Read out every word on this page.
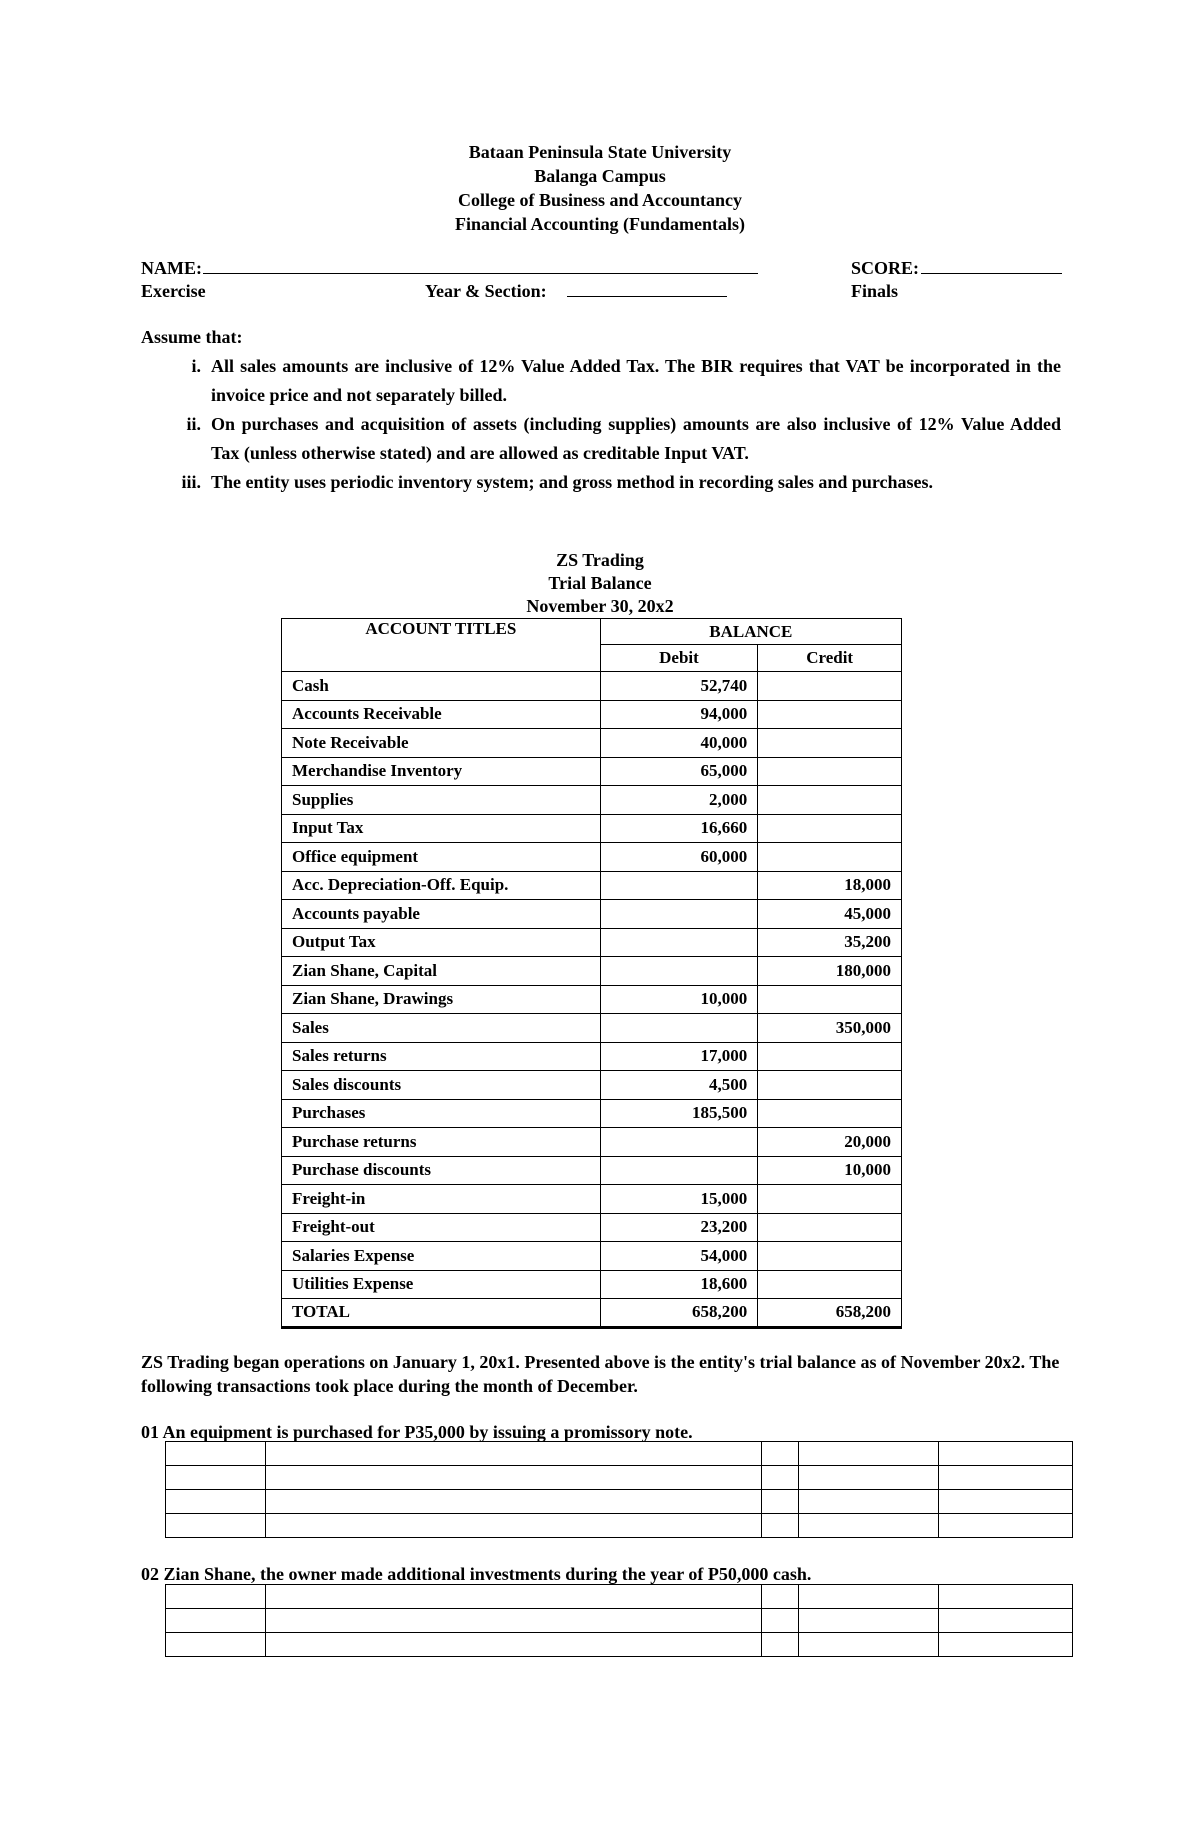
Bataan Peninsula State University
Balanga Campus
College of Business and Accountancy
Financial Accounting (Fundamentals)
NAME:	SCORE:
Exercise	Year & Section:	Finals
Assume that:
i. All sales amounts are inclusive of 12% Value Added Tax. The BIR requires that VAT be incorporated in the invoice price and not separately billed.
ii. On purchases and acquisition of assets (including supplies) amounts are also inclusive of 12% Value Added Tax (unless otherwise stated) and are allowed as creditable Input VAT.
iii. The entity uses periodic inventory system; and gross method in recording sales and purchases.
ZS Trading
Trial Balance
November 30, 20x2
ACCOUNT TITLES	BALANCE	
	Debit	Credit
Cash	52,740	
Accounts Receivable	94,000	
Note Receivable	40,000	
Merchandise Inventory	65,000	
Supplies	2,000	
Input Tax	16,660	
Office equipment	60,000	
Acc. Depreciation-Off. Equip.		18,000
Accounts payable		45,000
Output Tax		35,200
Zian Shane, Capital		180,000
Zian Shane, Drawings	10,000	
Sales		350,000
Sales returns	17,000	
Sales discounts	4,500	
Purchases	185,500	
Purchase returns		20,000
Purchase discounts		10,000
Freight-in	15,000	
Freight-out	23,200	
Salaries Expense	54,000	
Utilities Expense	18,600	
TOTAL	658,200	658,200
ZS Trading began operations on January 1, 20x1. Presented above is the entity's trial balance as of November 20x2. The following transactions took place during the month of December.
01 An equipment is purchased for P35,000 by issuing a promissory note.

02 Zian Shane, the owner made additional investments during the year of P50,000 cash.
